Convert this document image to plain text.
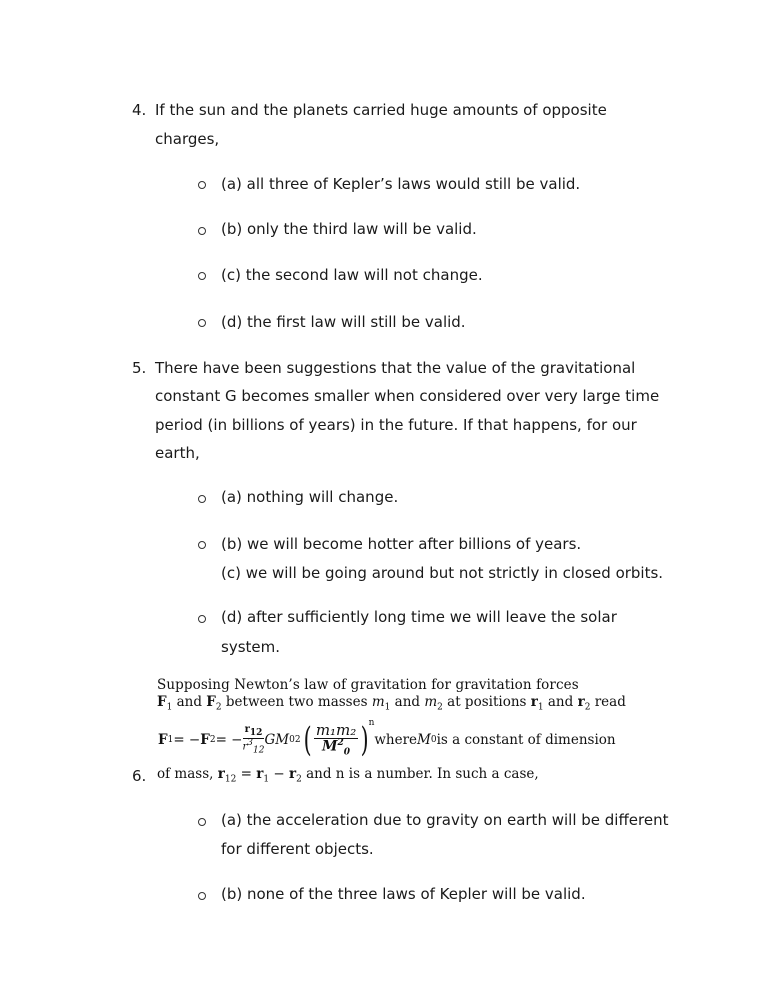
4. If the sun and the planets carried huge amounts of opposite
charges,
(a) all three of Kepler’s laws would still be valid.
(b) only the third law will be valid.
(c) the second law will not change.
(d) the first law will still be valid.
5. There have been suggestions that the value of the gravitational
constant G becomes smaller when considered over very large time
period (in billions of years) in the future. If that happens, for our
earth,
(a) nothing will change.
(b) we will become hotter after billions of years.
(c) we will be going around but not strictly in closed orbits.
(d) after sufficiently long time we will leave the solar
system.
Supposing Newton’s law of gravitation for gravitation forces
$F_1$ and $F_2$ between two masses $m_1$ and $m_2$ at positions $r_1$ and $r_2$ read
F 1 = − F 2 = − $\frac{r_{12}}{r^3_{12}}$ GM 0 2 ( m₁m₂
$M^2_0$ )$^n$
where M 0 is a constant of dimension
6. of mass, $r_{12} = r_1 - r_2$ and n is a number. In such a case,
(a) the acceleration due to gravity on earth will be different
for different objects.
(b) none of the three laws of Kepler will be valid.
